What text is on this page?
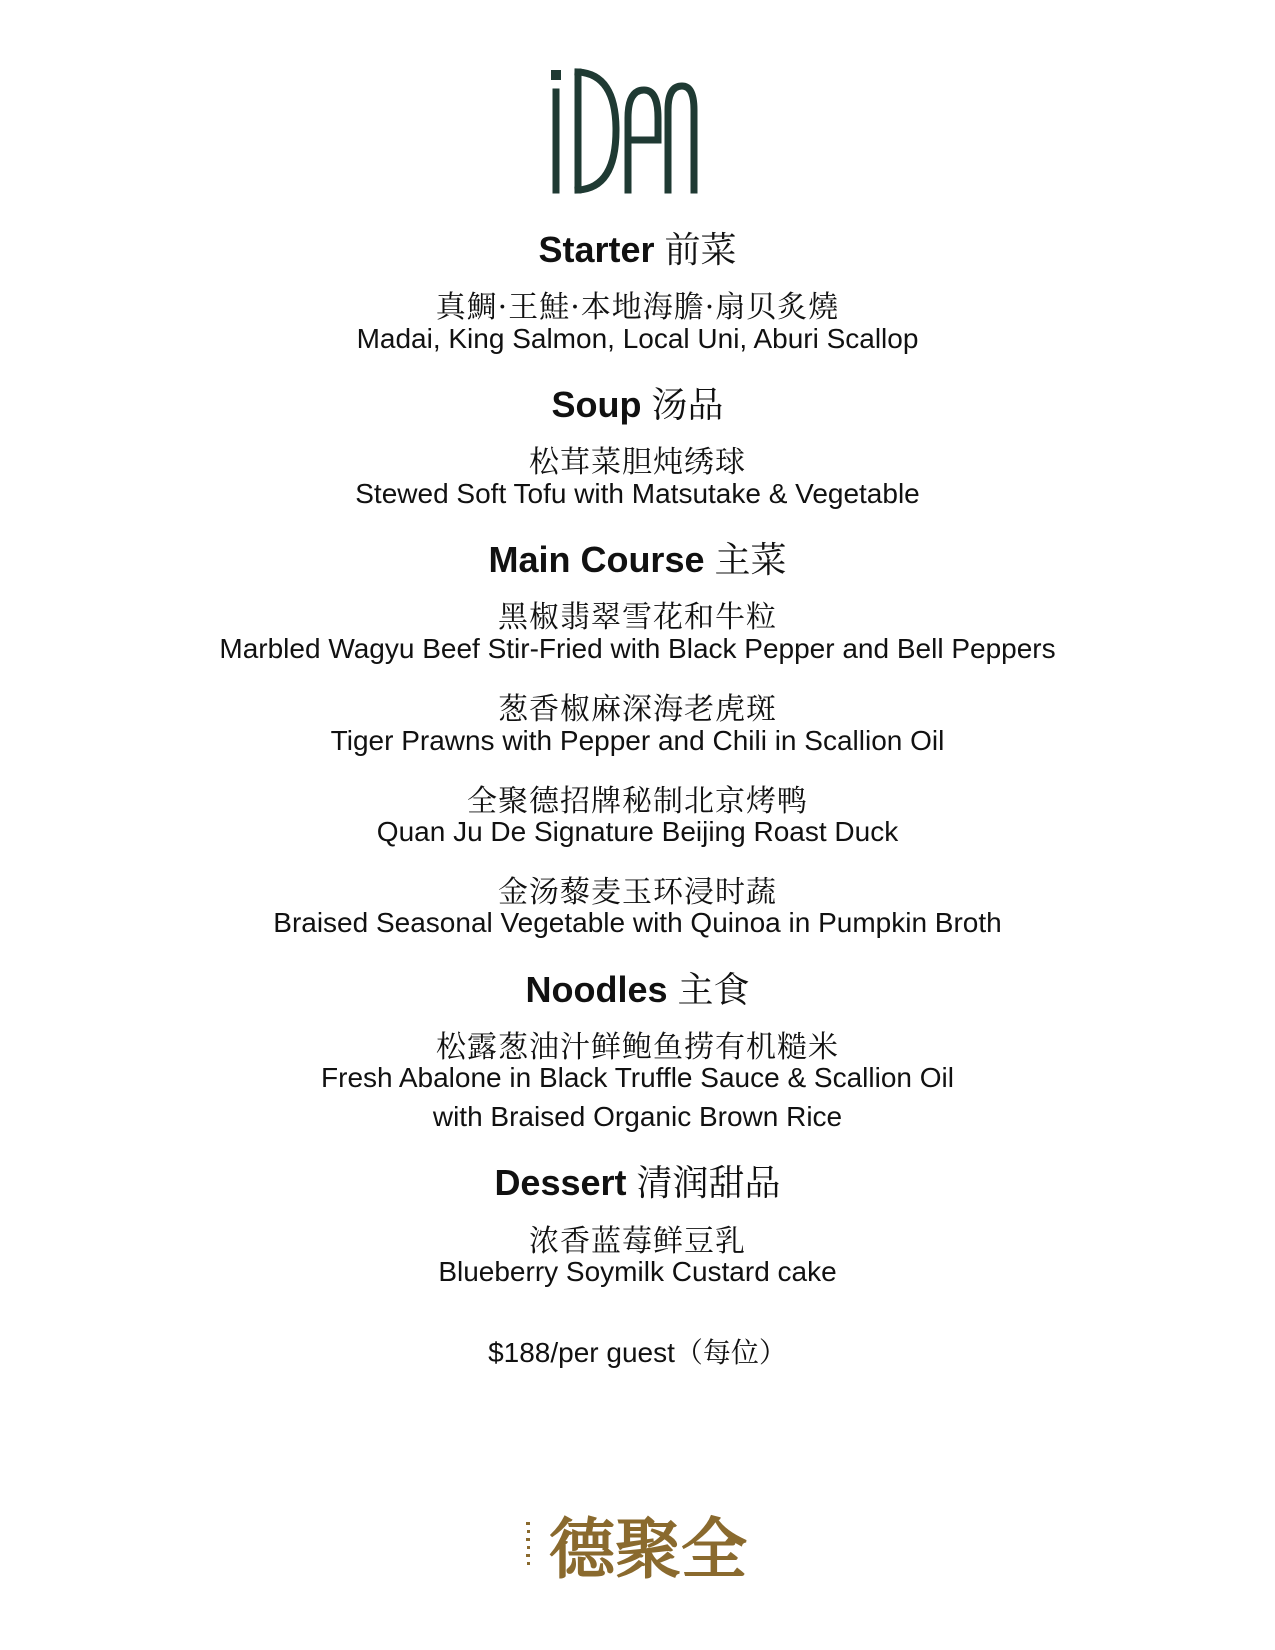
Starter 前菜
真鯛·王鮭·本地海膽·扇贝炙燒
Madai, King Salmon, Local Uni, Aburi Scallop
Soup 汤品
松茸菜胆炖绣球
Stewed Soft Tofu with Matsutake & Vegetable
Main Course 主菜
黑椒翡翠雪花和牛粒
Marbled Wagyu Beef Stir-Fried with Black Pepper and Bell Peppers
葱香椒麻深海老虎斑
Tiger Prawns with Pepper and Chili in Scallion Oil
全聚德招牌秘制北京烤鸭
Quan Ju De Signature Beijing Roast Duck
金汤藜麦玉环浸时蔬
Braised Seasonal Vegetable with Quinoa in Pumpkin Broth
Noodles 主食
松露葱油汁鲜鲍鱼捞有机糙米
Fresh Abalone in Black Truffle Sauce & Scallion Oil
with Braised Organic Brown Rice
Dessert 清润甜品
浓香蓝莓鲜豆乳
Blueberry Soymilk Custard cake
$188/per guest（每位）
德聚全
